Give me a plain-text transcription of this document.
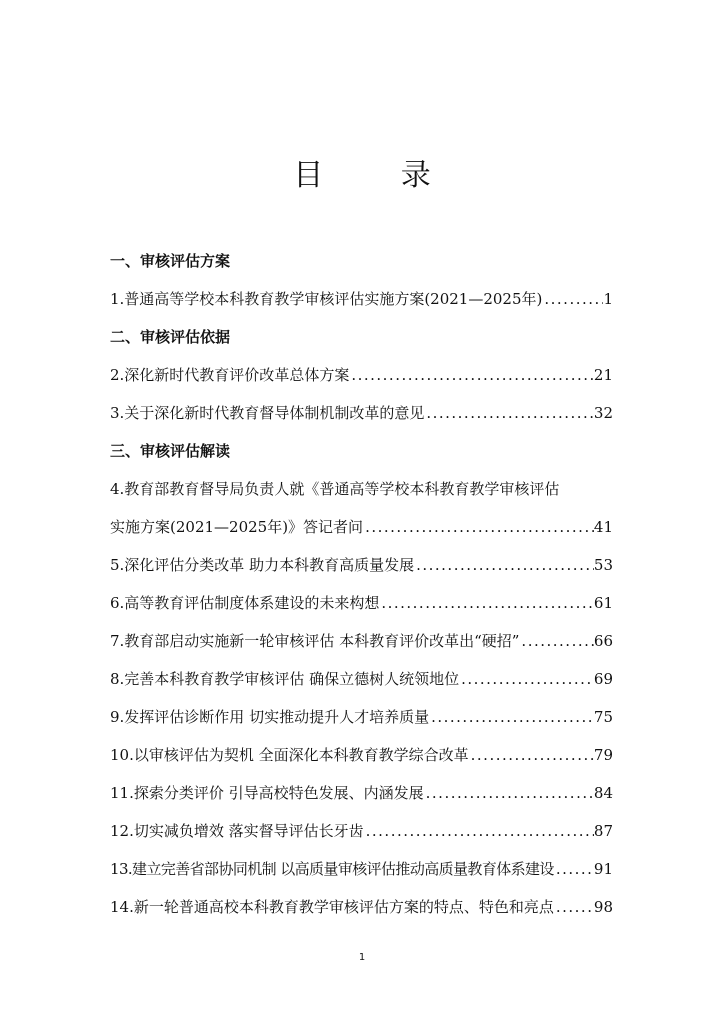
目 录
一、审核评估方案
1.普通高等学校本科教育教学审核评估实施方案(2021—2025年) .....	1
二、审核评估依据
2.深化新时代教育评价改革总体方案 .....	21
3.关于深化新时代教育督导体制机制改革的意见 .....	32
三、审核评估解读
4.教育部教育督导局负责人就《普通高等学校本科教育教学审核评估
实施方案(2021—2025年)》答记者问 .....	41
5.深化评估分类改革 助力本科教育高质量发展 .....	53
6.高等教育评估制度体系建设的未来构想 .....	61
7.教育部启动实施新一轮审核评估 本科教育评价改革出“硬招” .....	66
8.完善本科教育教学审核评估 确保立德树人统领地位 .....	69
9.发挥评估诊断作用 切实推动提升人才培养质量 .....	75
10.以审核评估为契机 全面深化本科教育教学综合改革 .....	79
11.探索分类评价 引导高校特色发展、内涵发展 .....	84
12.切实减负增效 落实督导评估长牙齿 .....	87
13.建立完善省部协同机制 以高质量审核评估推动高质量教育体系建设 .....	91
14.新一轮普通高校本科教育教学审核评估方案的特点、特色和亮点 .....	98
1
